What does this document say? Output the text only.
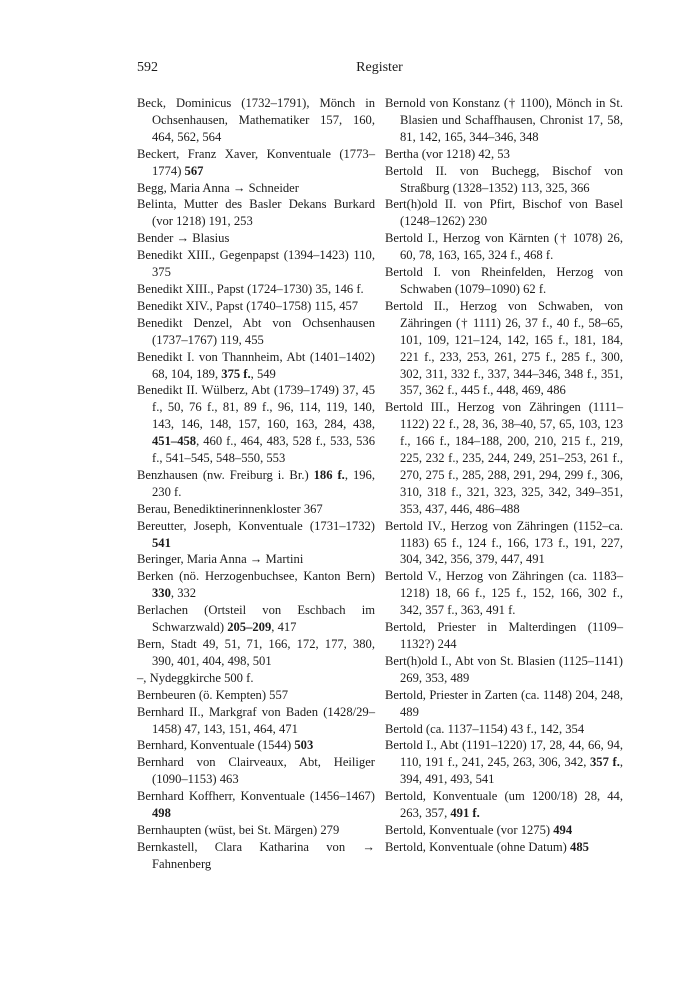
592	Register
Beck, Dominicus (1732–1791), Mönch in Ochsenhausen, Mathematiker 157, 160, 464, 562, 564
Beckert, Franz Xaver, Konventuale (1773–1774) 567
Begg, Maria Anna → Schneider
Belinta, Mutter des Basler Dekans Burkard (vor 1218) 191, 253
Bender → Blasius
Benedikt XIII., Gegenpapst (1394–1423) 110, 375
Benedikt XIII., Papst (1724–1730) 35, 146 f.
Benedikt XIV., Papst (1740–1758) 115, 457
Benedikt Denzel, Abt von Ochsenhausen (1737–1767) 119, 455
Benedikt I. von Thannheim, Abt (1401–1402) 68, 104, 189, 375 f., 549
Benedikt II. Wülberz, Abt (1739–1749) 37, 45 f., 50, 76 f., 81, 89 f., 96, 114, 119, 140, 143, 146, 148, 157, 160, 163, 284, 438, 451–458, 460 f., 464, 483, 528 f., 533, 536 f., 541–545, 548–550, 553
Benzhausen (nw. Freiburg i. Br.) 186 f., 196, 230 f.
Berau, Benediktinerinnenkloster 367
Bereutter, Joseph, Konventuale (1731–1732) 541
Beringer, Maria Anna → Martini
Berken (nö. Herzogenbuchsee, Kanton Bern) 330, 332
Berlachen (Ortsteil von Eschbach im Schwarzwald) 205–209, 417
Bern, Stadt 49, 51, 71, 166, 172, 177, 380, 390, 401, 404, 498, 501
–, Nydeggkirche 500 f.
Bernbeuren (ö. Kempten) 557
Bernhard II., Markgraf von Baden (1428/29–1458) 47, 143, 151, 464, 471
Bernhard, Konventuale (1544) 503
Bernhard von Clairveaux, Abt, Heiliger (1090–1153) 463
Bernhard Koffherr, Konventuale (1456–1467) 498
Bernhaupten (wüst, bei St. Märgen) 279
Bernkastell, Clara Katharina von → Fahnenberg
Bernold von Konstanz († 1100), Mönch in St. Blasien und Schaffhausen, Chronist 17, 58, 81, 142, 165, 344–346, 348
Bertha (vor 1218) 42, 53
Bertold II. von Buchegg, Bischof von Straßburg (1328–1352) 113, 325, 366
Bert(h)old II. von Pfirt, Bischof von Basel (1248–1262) 230
Bertold I., Herzog von Kärnten († 1078) 26, 60, 78, 163, 165, 324 f., 468 f.
Bertold I. von Rheinfelden, Herzog von Schwaben (1079–1090) 62 f.
Bertold II., Herzog von Schwaben, von Zähringen († 1111) 26, 37 f., 40 f., 58–65, 101, 109, 121–124, 142, 165 f., 181, 184, 221 f., 233, 253, 261, 275 f., 285 f., 300, 302, 311, 332 f., 337, 344–346, 348 f., 351, 357, 362 f., 445 f., 448, 469, 486
Bertold III., Herzog von Zähringen (1111–1122) 22 f., 28, 36, 38–40, 57, 65, 103, 123 f., 166 f., 184–188, 200, 210, 215 f., 219, 225, 232 f., 235, 244, 249, 251–253, 261 f., 270, 275 f., 285, 288, 291, 294, 299 f., 306, 310, 318 f., 321, 323, 325, 342, 349–351, 353, 437, 446, 486–488
Bertold IV., Herzog von Zähringen (1152–ca. 1183) 65 f., 124 f., 166, 173 f., 191, 227, 304, 342, 356, 379, 447, 491
Bertold V., Herzog von Zähringen (ca. 1183–1218) 18, 66 f., 125 f., 152, 166, 302 f., 342, 357 f., 363, 491 f.
Bertold, Priester in Malterdingen (1109–1132?) 244
Bert(h)old I., Abt von St. Blasien (1125–1141) 269, 353, 489
Bertold, Priester in Zarten (ca. 1148) 204, 248, 489
Bertold (ca. 1137–1154) 43 f., 142, 354
Bertold I., Abt (1191–1220) 17, 28, 44, 66, 94, 110, 191 f., 241, 245, 263, 306, 342, 357 f., 394, 491, 493, 541
Bertold, Konventuale (um 1200/18) 28, 44, 263, 357, 491 f.
Bertold, Konventuale (vor 1275) 494
Bertold, Konventuale (ohne Datum) 485
